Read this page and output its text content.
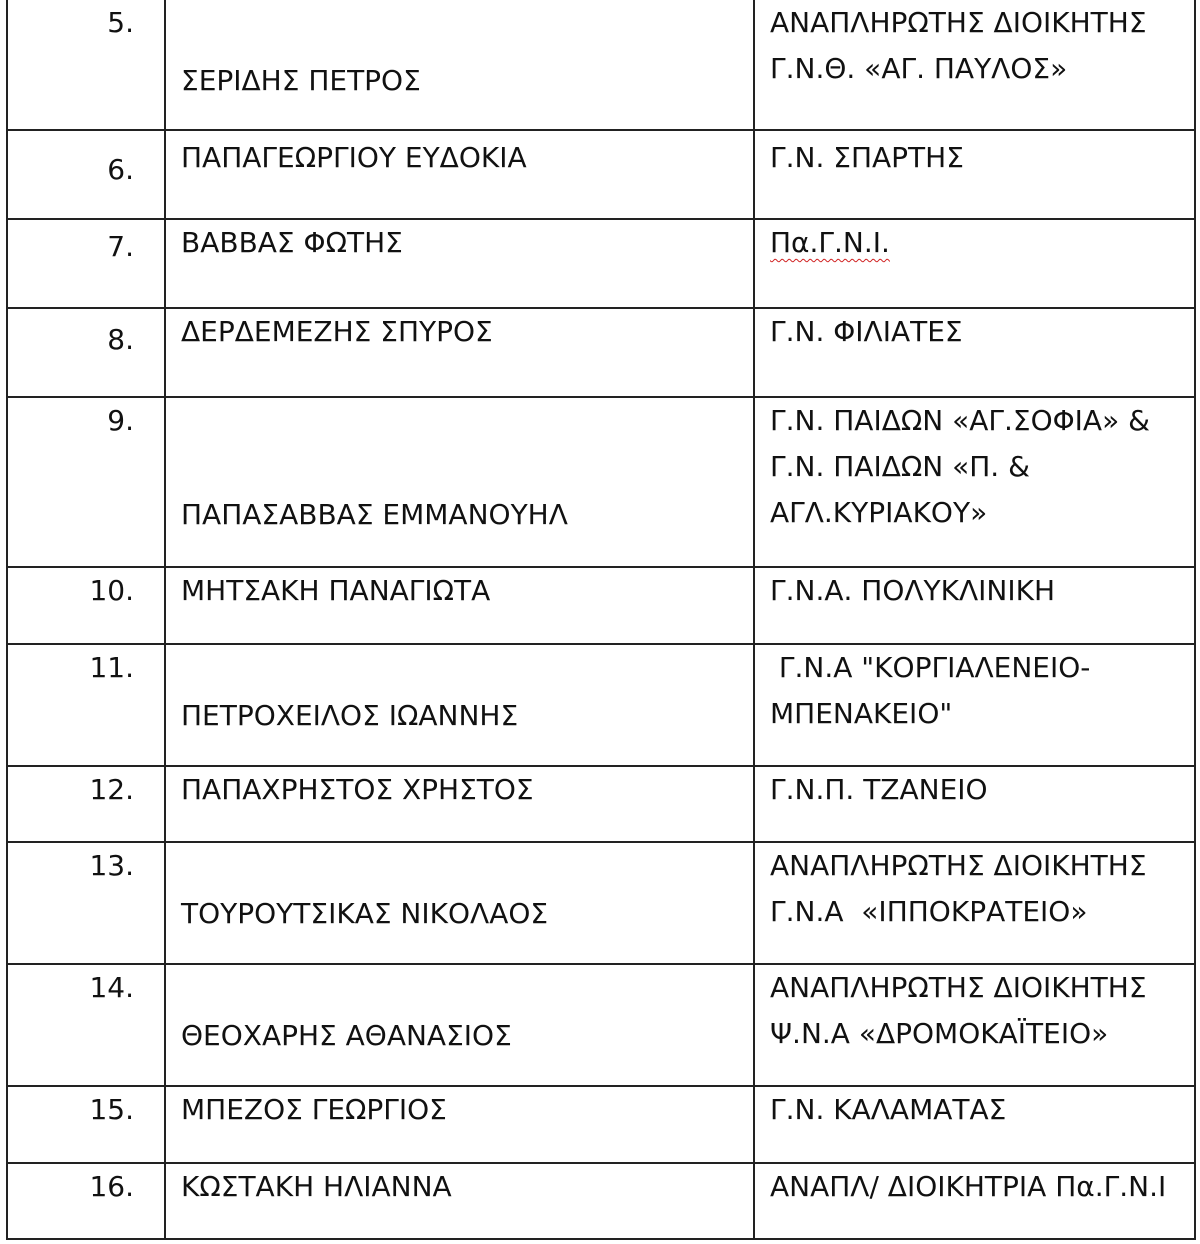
5.	ΣΕΡΙΔΗΣ ΠΕΤΡΟΣ	ΑΝΑΠΛΗΡΩΤΗΣ ΔΙΟΙΚΗΤΗΣ
Γ.Ν.Θ. «ΑΓ. ΠΑΥΛΟΣ»

6.	ΠΑΠΑΓΕΩΡΓΙΟΥ ΕΥΔΟΚΙΑ	Γ.Ν. ΣΠΑΡΤΗΣ

7.	ΒΑΒΒΑΣ ΦΩΤΗΣ	Πα.Γ.Ν.Ι.

8.	ΔΕΡΔΕΜΕΖΗΣ ΣΠΥΡΟΣ	Γ.Ν. ΦΙΛΙΑΤΕΣ

9.	ΠΑΠΑΣΑΒΒΑΣ ΕΜΜΑΝΟΥΗΛ	Γ.Ν. ΠΑΙΔΩΝ «ΑΓ.ΣΟΦΙΑ» &
Γ.Ν. ΠΑΙΔΩΝ «Π. &
ΑΓΛ.ΚΥΡΙΑΚΟΥ»

10.	ΜΗΤΣΑΚΗ ΠΑΝΑΓΙΩΤΑ	Γ.Ν.Α. ΠΟΛΥΚΛΙΝΙΚΗ

11.	ΠΕΤΡΟΧΕΙΛΟΣ ΙΩΑΝΝΗΣ	Γ.Ν.Α "ΚΟΡΓΙΑΛΕΝΕΙΟ-
ΜΠΕΝΑΚΕΙΟ"

12.	ΠΑΠΑΧΡΗΣΤΟΣ ΧΡΗΣΤΟΣ	Γ.Ν.Π. ΤΖΑΝΕΙΟ

13.	ΤΟΥΡΟΥΤΣΙΚΑΣ ΝΙΚΟΛΑΟΣ	ΑΝΑΠΛΗΡΩΤΗΣ ΔΙΟΙΚΗΤΗΣ
Γ.Ν.Α  «ΙΠΠΟΚΡΑΤΕΙΟ»

14.	ΘΕΟΧΑΡΗΣ ΑΘΑΝΑΣΙΟΣ	ΑΝΑΠΛΗΡΩΤΗΣ ΔΙΟΙΚΗΤΗΣ
Ψ.Ν.Α «ΔΡΟΜΟΚΑΪΤΕΙΟ»

15.	ΜΠΕΖΟΣ ΓΕΩΡΓΙΟΣ	Γ.Ν. ΚΑΛΑΜΑΤΑΣ

16.	ΚΩΣΤΑΚΗ ΗΛΙΑΝΝΑ	ΑΝΑΠΛ/ ΔΙΟΙΚΗΤΡΙΑ Πα.Γ.Ν.Ι
